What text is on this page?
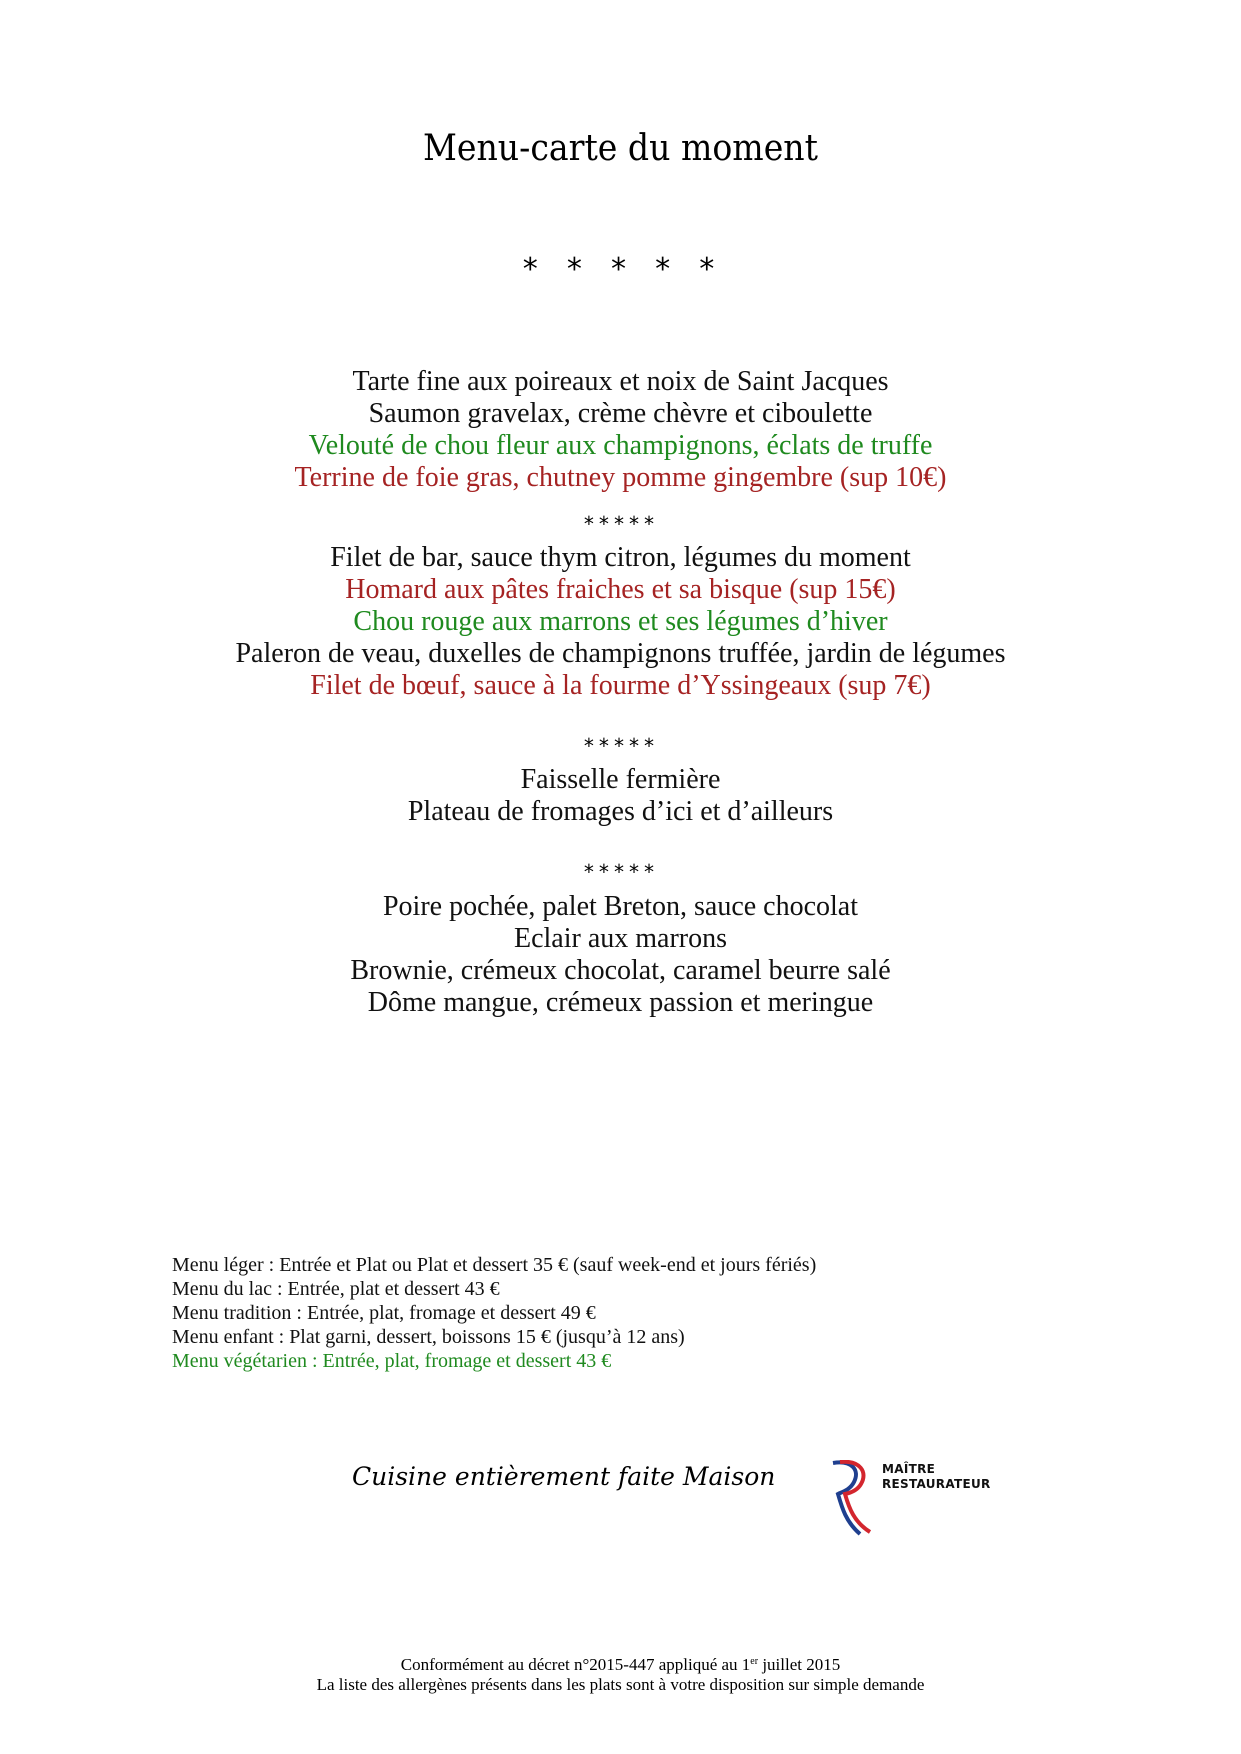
Menu-carte du moment
* * * * *
Tarte fine aux poireaux et noix de Saint Jacques
Saumon gravelax, crème chèvre et ciboulette
Velouté de chou fleur aux champignons, éclats de truffe
Terrine de foie gras, chutney pomme gingembre (sup 10€)
*****
Filet de bar, sauce thym citron, légumes du moment
Homard aux pâtes fraiches et sa bisque (sup 15€)
Chou rouge aux marrons et ses légumes d’hiver
Paleron de veau, duxelles de champignons truffée, jardin de légumes
Filet de bœuf, sauce à la fourme d’Yssingeaux (sup 7€)
*****
Faisselle fermière
Plateau de fromages d’ici et d’ailleurs
*****
Poire pochée, palet Breton, sauce chocolat
Eclair aux marrons
Brownie, crémeux chocolat, caramel beurre salé
Dôme mangue, crémeux passion et meringue
Menu léger : Entrée et Plat ou Plat et dessert 35 € (sauf week-end et jours fériés)
Menu du lac : Entrée, plat et dessert 43 €
Menu tradition : Entrée, plat, fromage et dessert 49 €
Menu enfant : Plat garni, dessert, boissons 15 € (jusqu’à 12 ans)
Menu végétarien : Entrée, plat, fromage et dessert 43 €
Cuisine entièrement faite Maison	MAÎTRE
RESTAURATEUR
Conformément au décret n°2015-447 appliqué au 1er juillet 2015
La liste des allergènes présents dans les plats sont à votre disposition sur simple demande
